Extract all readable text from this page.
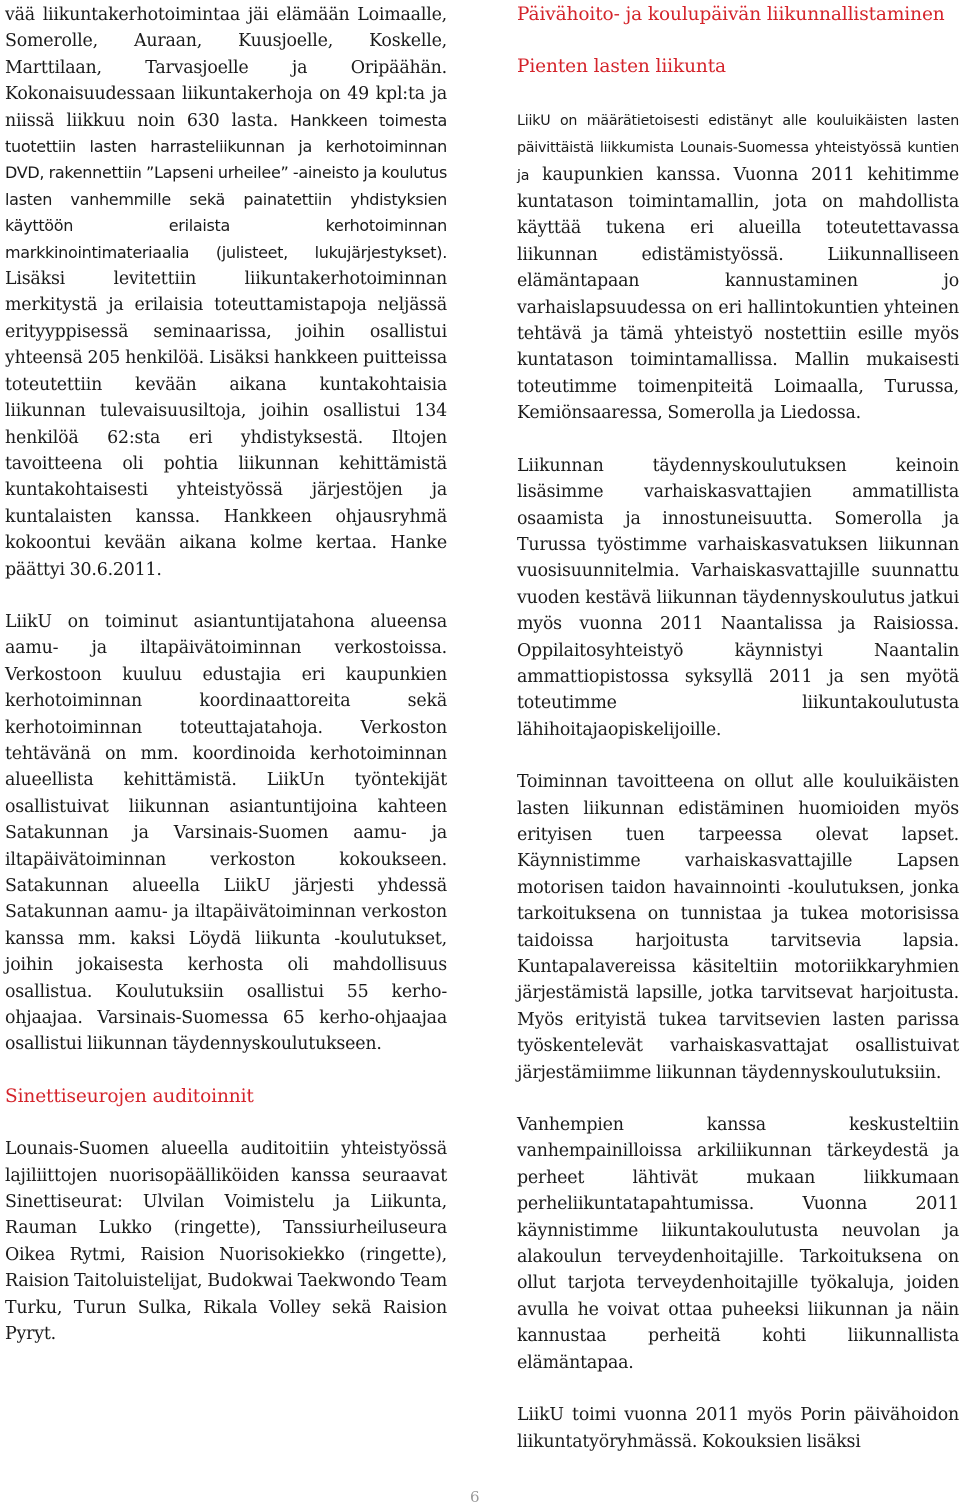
vää liikuntakerhotoimintaa jäi elämään Loimaalle, Somerolle, Auraan, Kuusjoelle, Koskelle, Marttilaan, Tarvasjoelle ja Oripäähän. Kokonaisuudessaan liikuntakerhoja on 49 kpl:ta ja niissä liikkuu noin 630 lasta. Hankkeen toimesta tuotettiin lasten harrasteliikunnan ja kerhotoiminnan DVD, rakennettiin ”Lapseni urheilee” -aineisto ja koulutus lasten vanhemmille sekä painatettiin yhdistyksien käyttöön erilaista kerhotoiminnan markkinointimateriaalia (julisteet, lukujärjestykset). Lisäksi levitettiin liikuntakerhotoiminnan merkitystä ja erilaisia toteuttamistapoja neljässä erityyppisessä seminaarissa, joihin osallistui yhteensä 205 henkilöä. Lisäksi hankkeen puitteissa toteutettiin kevään aikana kuntakohtaisia liikunnan tulevaisuusiltoja, joihin osallistui 134 henkilöä 62:sta eri yhdistyksestä. Iltojen tavoitteena oli pohtia liikunnan kehittämistä kuntakohtaisesti yhteistyössä järjestöjen ja kuntalaisten kanssa. Hankkeen ohjausryhmä kokoontui kevään aikana kolme kertaa. Hanke päättyi 30.6.2011.

LiikU on toiminut asiantuntijatahona alueensa aamu- ja iltapäivätoiminnan verkostoissa. Verkostoon kuuluu edustajia eri kaupunkien kerhotoiminnan koordinaattoreita sekä kerhotoiminnan toteuttajatahoja. Verkoston tehtävänä on mm. koordinoida kerhotoiminnan alueellista kehittämistä. LiikUn työntekijät osallistuivat liikunnan asiantuntijoina kahteen Satakunnan ja Varsinais-Suomen aamu- ja iltapäivätoiminnan verkoston kokoukseen. Satakunnan alueella LiikU järjesti yhdessä Satakunnan aamu- ja iltapäivätoiminnan verkoston kanssa mm. kaksi Löydä liikunta -koulutukset, joihin jokaisesta kerhosta oli mahdollisuus osallistua. Koulutuksiin osallistui 55 kerho-ohjaajaa. Varsinais-Suomessa 65 kerho-ohjaajaa osallistui liikunnan täydennyskoulutukseen.

Sinettiseurojen auditoinnit

Lounais-Suomen alueella auditoitiin yhteistyössä lajiliittojen nuorisopäälliköiden kanssa seuraavat Sinettiseurat: Ulvilan Voimistelu ja Liikunta, Rauman Lukko (ringette), Tanssiurheiluseura Oikea Rytmi, Raision Nuorisokiekko (ringette), Raision Taitoluistelijat, Budokwai Taekwondo Team Turku, Turun Sulka, Rikala Volley sekä Raision Pyryt.

Päivähoito- ja koulupäivän liikunnallistaminen
Pienten lasten liikunta

LiikU on määrätietoisesti edistänyt alle kouluikäisten lasten päivittäistä liikkumista Lounais-Suomessa yhteistyössä kuntien ja kaupunkien kanssa. Vuonna 2011 kehitimme kuntatason toimintamallin, jota on mahdollista käyttää tukena eri alueilla toteutettavassa liikunnan edistämistyössä. Liikunnalliseen elämäntapaan kannustaminen jo varhaislapsuudessa on eri hallintokuntien yhteinen tehtävä ja tämä yhteistyö nostettiin esille myös kuntatason toimintamallissa. Mallin mukaisesti toteutimme toimenpiteitä Loimaalla, Turussa, Kemiönsaaressa, Somerolla ja Liedossa.

Liikunnan täydennyskoulutuksen keinoin lisäsimme varhaiskasvattajien ammatillista osaamista ja innostuneisuutta. Somerolla ja Turussa työstimme varhaiskasvatuksen liikunnan vuosisuunnitelmia. Varhaiskasvattajille suunnattu vuoden kestävä liikunnan täydennyskoulutus jatkui myös vuonna 2011 Naantalissa ja Raisiossa. Oppilaitosyhteistyö käynnistyi Naantalin ammattiopistossa syksyllä 2011 ja sen myötä toteutimme liikuntakoulutusta lähihoitajaopiskelijoille.

Toiminnan tavoitteena on ollut alle kouluikäisten lasten liikunnan edistäminen huomioiden myös erityisen tuen tarpeessa olevat lapset. Käynnistimme varhaiskasvattajille Lapsen motorisen taidon havainnointi -koulutuksen, jonka tarkoituksena on tunnistaa ja tukea motorisissa taidoissa harjoitusta tarvitsevia lapsia. Kuntapalavereissa käsiteltiin motoriikkaryhmien järjestämistä lapsille, jotka tarvitsevat harjoitusta. Myös erityistä tukea tarvitsevien lasten parissa työskentelevät varhaiskasvattajat osallistuivat järjestämiimme liikunnan täydennyskoulutuksiin.

Vanhempien kanssa keskusteltiin vanhempainilloissa arkiliikunnan tärkeydestä ja perheet lähtivät mukaan liikkumaan perheliikuntatapahtumissa. Vuonna 2011 käynnistimme liikuntakoulutusta neuvolan ja alakoulun terveydenhoitajille. Tarkoituksena on ollut tarjota terveydenhoitajille työkaluja, joiden avulla he voivat ottaa puheeksi liikunnan ja näin kannustaa perheitä kohti liikunnallista elämäntapaa.

LiikU toimi vuonna 2011 myös Porin päivähoidon liikuntatyöryhmässä. Kokouksien lisäksi

6
